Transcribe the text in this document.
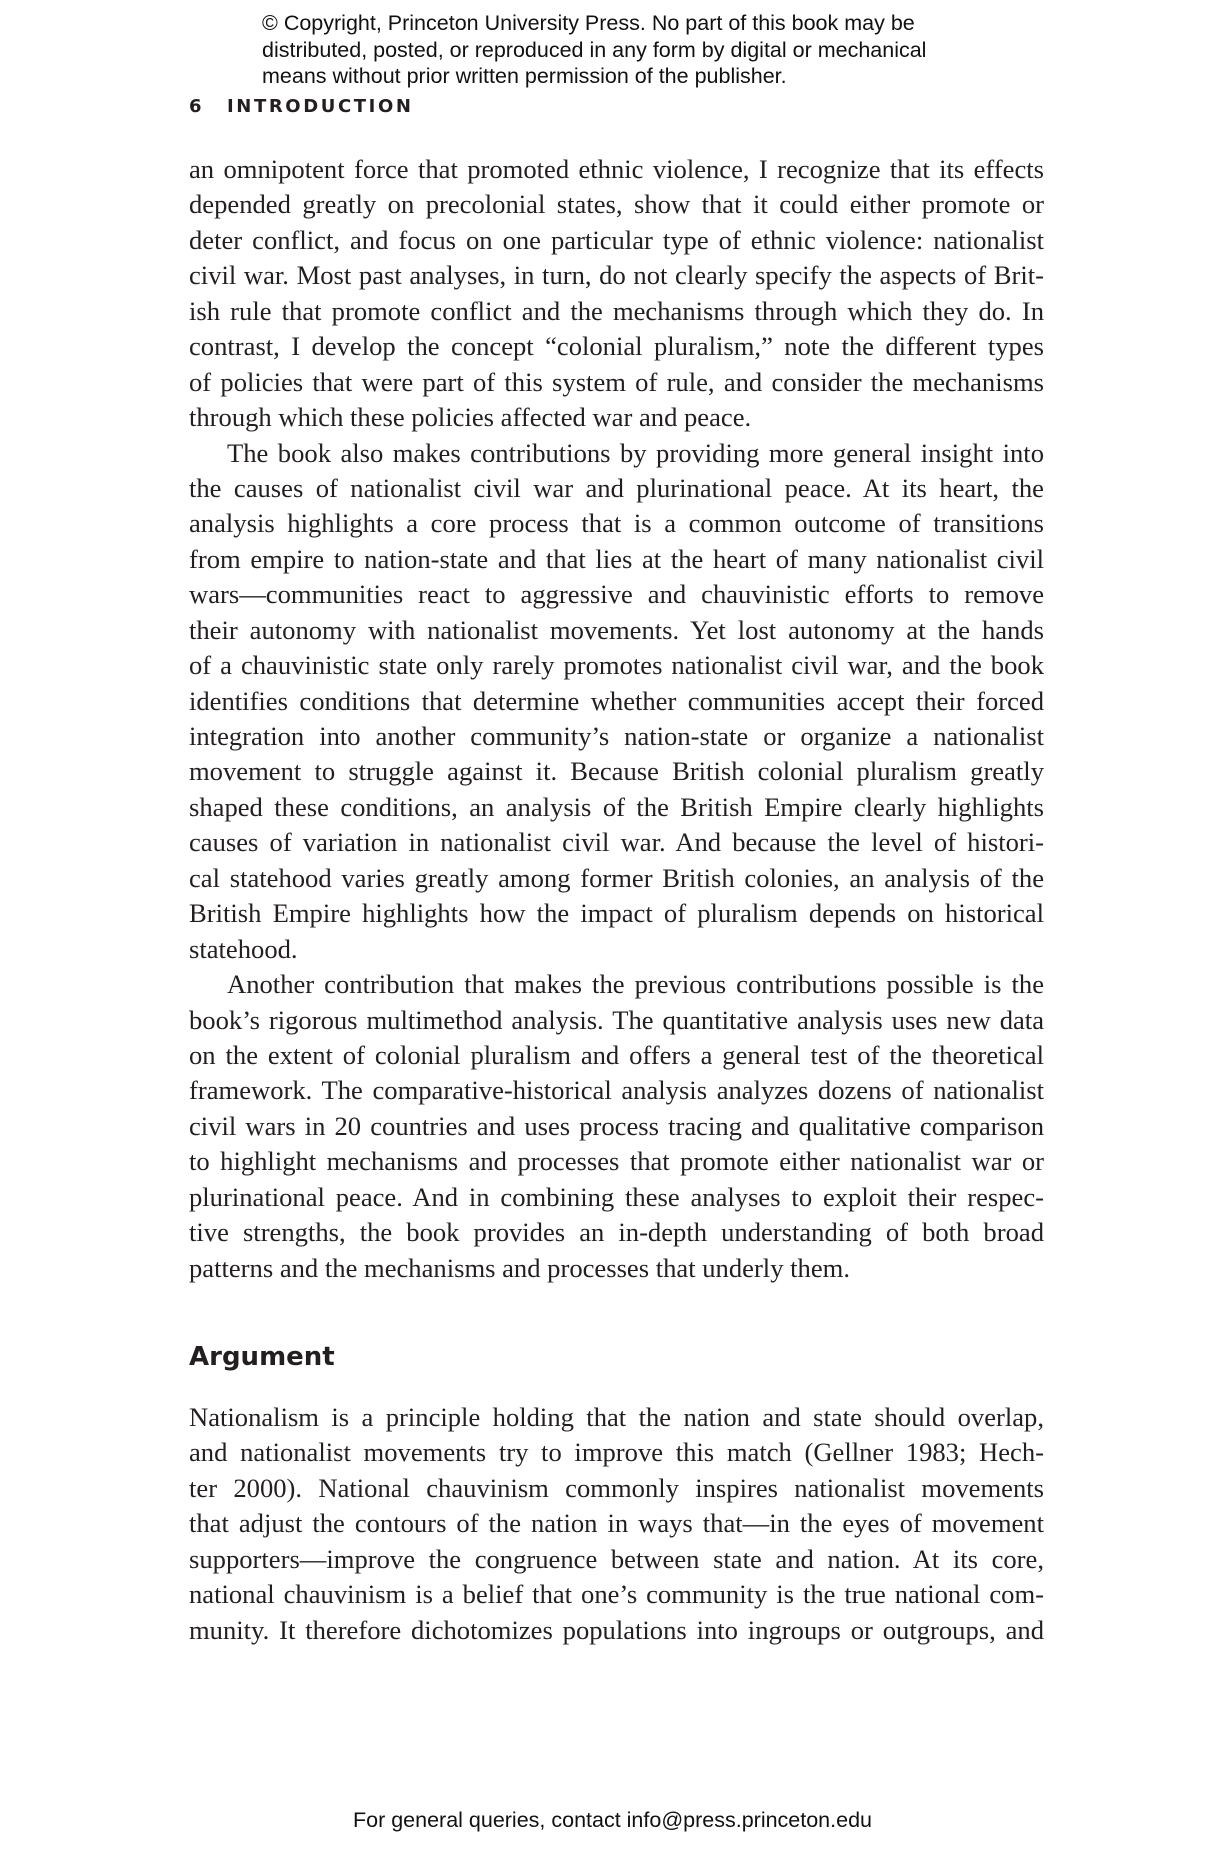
© Copyright, Princeton University Press. No part of this book may be
distributed, posted, or reproduced in any form by digital or mechanical
means without prior written permission of the publisher.
6 INTRODUCTION
an omnipotent force that promoted ethnic violence, I recognize that its effects
depended greatly on precolonial states, show that it could either promote or
deter conflict, and focus on one particular type of ethnic violence: nationalist
civil war. Most past analyses, in turn, do not clearly specify the aspects of Brit-
ish rule that promote conflict and the mechanisms through which they do. In
contrast, I develop the concept “colonial pluralism,” note the different types
of policies that were part of this system of rule, and consider the mechanisms
through which these policies affected war and peace.
The book also makes contributions by providing more general insight into
the causes of nationalist civil war and plurinational peace. At its heart, the
analysis highlights a core process that is a common outcome of transitions
from empire to nation-state and that lies at the heart of many nationalist civil
wars—communities react to aggressive and chauvinistic efforts to remove
their autonomy with nationalist movements. Yet lost autonomy at the hands
of a chauvinistic state only rarely promotes nationalist civil war, and the book
identifies conditions that determine whether communities accept their forced
integration into another community’s nation-state or organize a nationalist
movement to struggle against it. Because British colonial pluralism greatly
shaped these conditions, an analysis of the British Empire clearly highlights
causes of variation in nationalist civil war. And because the level of histori-
cal statehood varies greatly among former British colonies, an analysis of the
British Empire highlights how the impact of pluralism depends on historical
statehood.
Another contribution that makes the previous contributions possible is the
book’s rigorous multimethod analysis. The quantitative analysis uses new data
on the extent of colonial pluralism and offers a general test of the theoretical
framework. The comparative-historical analysis analyzes dozens of nationalist
civil wars in 20 countries and uses process tracing and qualitative comparison
to highlight mechanisms and processes that promote either nationalist war or
plurinational peace. And in combining these analyses to exploit their respec-
tive strengths, the book provides an in-depth understanding of both broad
patterns and the mechanisms and processes that underly them.
Argument
Nationalism is a principle holding that the nation and state should overlap,
and nationalist movements try to improve this match (Gellner 1983; Hech-
ter 2000). National chauvinism commonly inspires nationalist movements
that adjust the contours of the nation in ways that—in the eyes of movement
supporters—improve the congruence between state and nation. At its core,
national chauvinism is a belief that one’s community is the true national com-
munity. It therefore dichotomizes populations into ingroups or outgroups, and
For general queries, contact info@press.princeton.edu
